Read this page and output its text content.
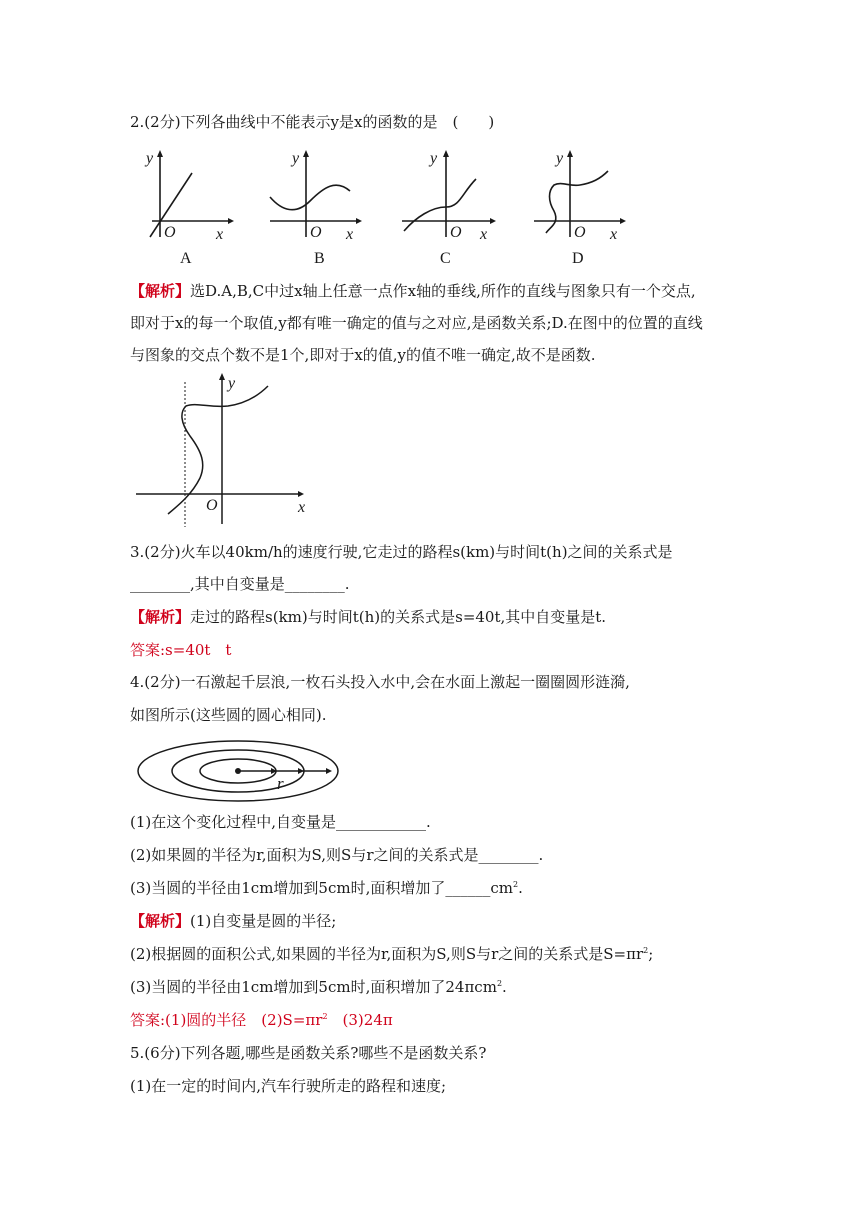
2.(2分)下列各曲线中不能表示y是x的函数的是　(　　)
y
O	x
y
O x
y
O x
y
O x
A	B	C	D
【解析】选D.A,B,C中过x轴上任意一点作x轴的垂线,所作的直线与图象只有一个交点,
即对于x的每一个取值,y都有唯一确定的值与之对应,是函数关系;D.在图中的位置的直线
与图象的交点个数不是1个,即对于x的值,y的值不唯一确定,故不是函数.
y
O	x
3.(2分)火车以40km/h的速度行驶,它走过的路程s(km)与时间t(h)之间的关系式是
________,其中自变量是________.
【解析】走过的路程s(km)与时间t(h)的关系式是s=40t,其中自变量是t.
答案:s=40t　t
4.(2分)一石激起千层浪,一枚石头投入水中,会在水面上激起一圈圈圆形涟漪,
如图所示(这些圆的圆心相同).
r
(1)在这个变化过程中,自变量是____________.
(2)如果圆的半径为r,面积为S,则S与r之间的关系式是________.
(3)当圆的半径由1cm增加到5cm时,面积增加了$\_\_\_\_\_\_cm^2$.
【解析】(1)自变量是圆的半径;
(2)根据圆的面积公式,如果圆的半径为r,面积为S,则S与r之间的关系式是$S=\pi r^2$;
(3)当圆的半径由1cm增加到5cm时,面积增加了24πcm$^2$.
答案:(1)圆的半径　$(2)S=\pi r^2$　(3)24π
5.(6分)下列各题,哪些是函数关系?哪些不是函数关系?
(1)在一定的时间内,汽车行驶所走的路程和速度;
